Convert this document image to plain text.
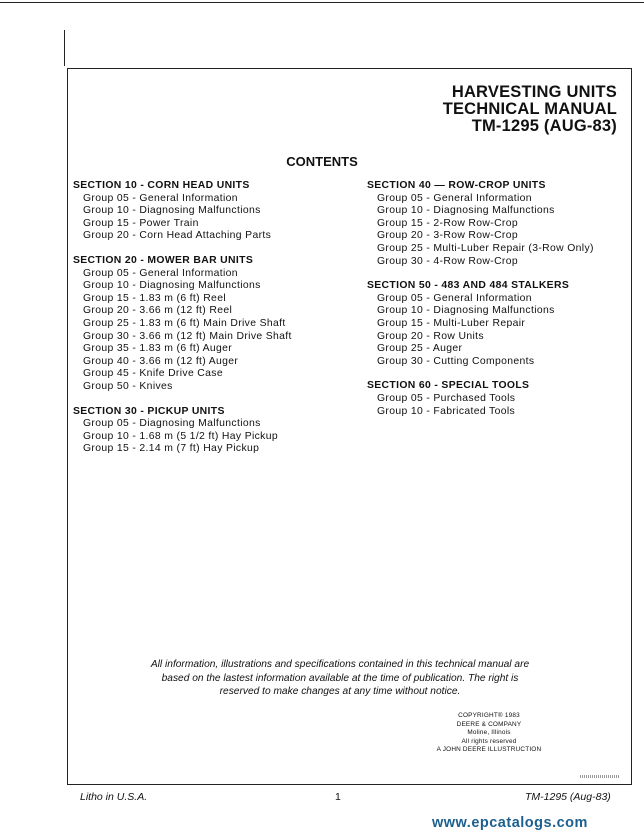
HARVESTING UNITS
TECHNICAL MANUAL
TM-1295 (AUG-83)
CONTENTS
SECTION 10 - CORN HEAD UNITS
Group 05 - General Information
Group 10 - Diagnosing Malfunctions
Group 15 - Power Train
Group 20 - Corn Head Attaching Parts
SECTION 20 - MOWER BAR UNITS
Group 05 - General Information
Group 10 - Diagnosing Malfunctions
Group 15 - 1.83 m (6 ft) Reel
Group 20 - 3.66 m (12 ft) Reel
Group 25 - 1.83 m (6 ft) Main Drive Shaft
Group 30 - 3.66 m (12 ft) Main Drive Shaft
Group 35 - 1.83 m (6 ft) Auger
Group 40 - 3.66 m (12 ft) Auger
Group 45 - Knife Drive Case
Group 50 - Knives
SECTION 30 - PICKUP UNITS
Group 05 - Diagnosing Malfunctions
Group 10 - 1.68 m (5 1/2 ft) Hay Pickup
Group 15 - 2.14 m (7 ft) Hay Pickup
SECTION 40 — ROW-CROP UNITS
Group 05 - General Information
Group 10 - Diagnosing Malfunctions
Group 15 - 2-Row Row-Crop
Group 20 - 3-Row Row-Crop
Group 25 - Multi-Luber Repair (3-Row Only)
Group 30 - 4-Row Row-Crop
SECTION 50 - 483 AND 484 STALKERS
Group 05 - General Information
Group 10 - Diagnosing Malfunctions
Group 15 - Multi-Luber Repair
Group 20 - Row Units
Group 25 - Auger
Group 30 - Cutting Components
SECTION 60 - SPECIAL TOOLS
Group 05 - Purchased Tools
Group 10 - Fabricated Tools
All information, illustrations and specifications contained in this technical manual are
based on the lastest information available at the time of publication. The right is
reserved to make changes at any time without notice.
COPYRIGHT® 1983
DEERE & COMPANY
Moline, Illinois
All rights reserved
A JOHN DEERE ILLUSTRUCTION
Litho in U.S.A.	1	TM-1295 (Aug-83)
www.epcatalogs.com
